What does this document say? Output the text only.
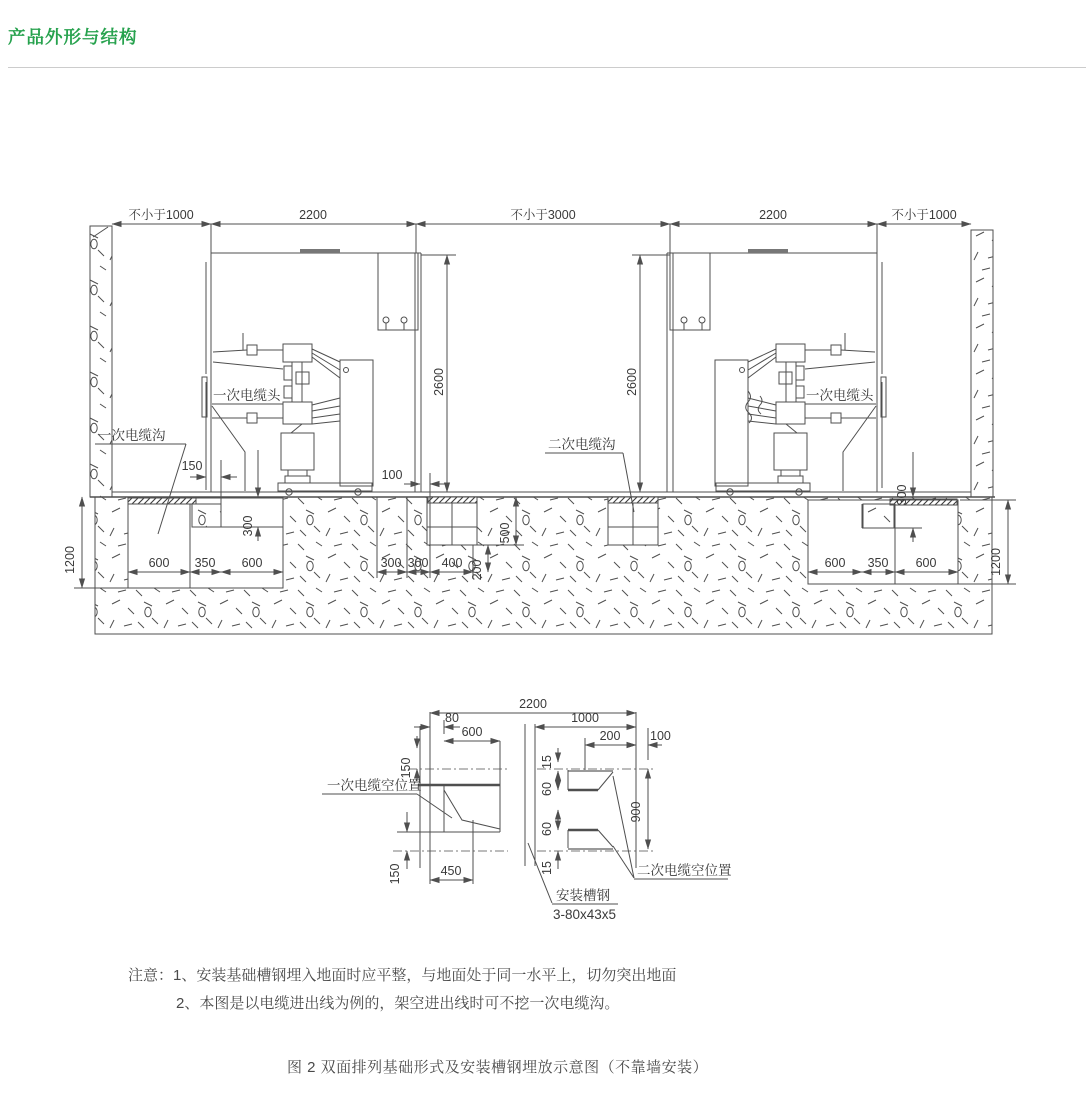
产品外形与结构
不小于1000	2200	不小于3000	2200	不小于1000
2600	2600
150
100
300
300
500
200
300 300 400
600 350 600
1200	600 350 600	1200
一次电缆头	一次电缆头
一次电缆沟
二次电缆沟
2200
80
600
1000
200 100
150
一次电缆空位置
150	450
15
60
60
15
900
二次电缆空位置
安装槽钢
3-80x43x5
注意：1、安装基础槽钢埋入地面时应平整，与地面处于同一水平上，切勿突出地面
2、本图是以电缆进出线为例的，架空进出线时可不挖一次电缆沟。
图 2 双面排列基础形式及安装槽钢埋放示意图（不靠墙安装）
